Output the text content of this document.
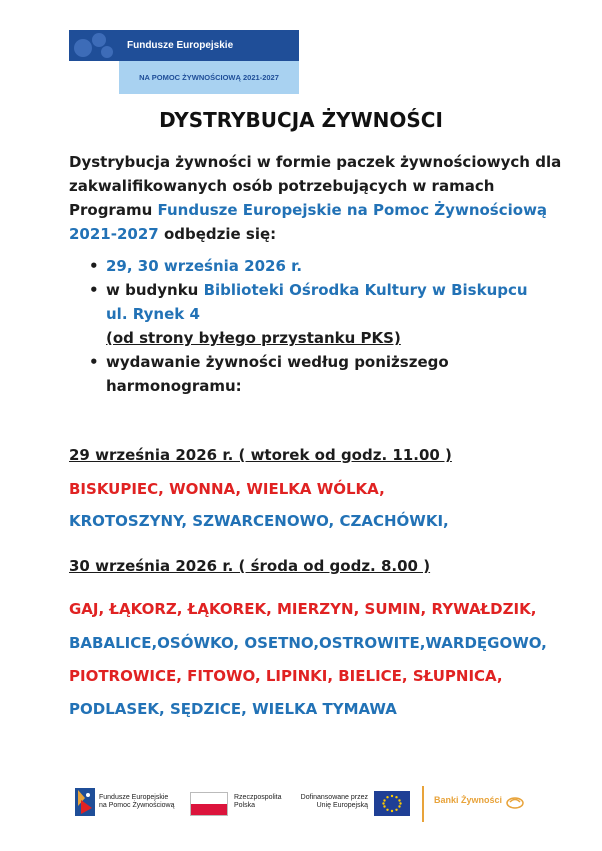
Fundusze Europejskie
NA POMOC ŻYWNOŚCIOWĄ 2021-2027
DYSTRYBUCJA ŻYWNOŚCI
Dystrybucja żywności w formie paczek żywnościowych dla zakwalifikowanych osób potrzebujących w ramach Programu Fundusze Europejskie na Pomoc Żywnościową 2021-2027 odbędzie się:
• 29, 30 września 2026 r.
• w budynku Biblioteki Ośrodka Kultury w Biskupcu
ul. Rynek 4
(od strony byłego przystanku PKS)
• wydawanie żywności według poniższego
harmonogramu:
29 września 2026 r. ( wtorek od godz. 11.00 )
BISKUPIEC, WONNA, WIELKA WÓLKA,
KROTOSZYNY, SZWARCENOWO, CZACHÓWKI,
30 września 2026 r. ( środa od godz. 8.00 )
GAJ, ŁĄKORZ, ŁĄKOREK, MIERZYN, SUMIN, RYWAŁDZIK,
BABALICE,OSÓWKO, OSETNO,OSTROWITE,WARDĘGOWO,
PIOTROWICE, FITOWO, LIPINKI, BIELICE, SŁUPNICA,
PODLASEK, SĘDZICE, WIELKA TYMAWA
Fundusze Europejskie
na Pomoc Żywnościową
Rzeczpospolita
Polska
Dofinansowane przez
Unię Europejską
Banki Żywności
